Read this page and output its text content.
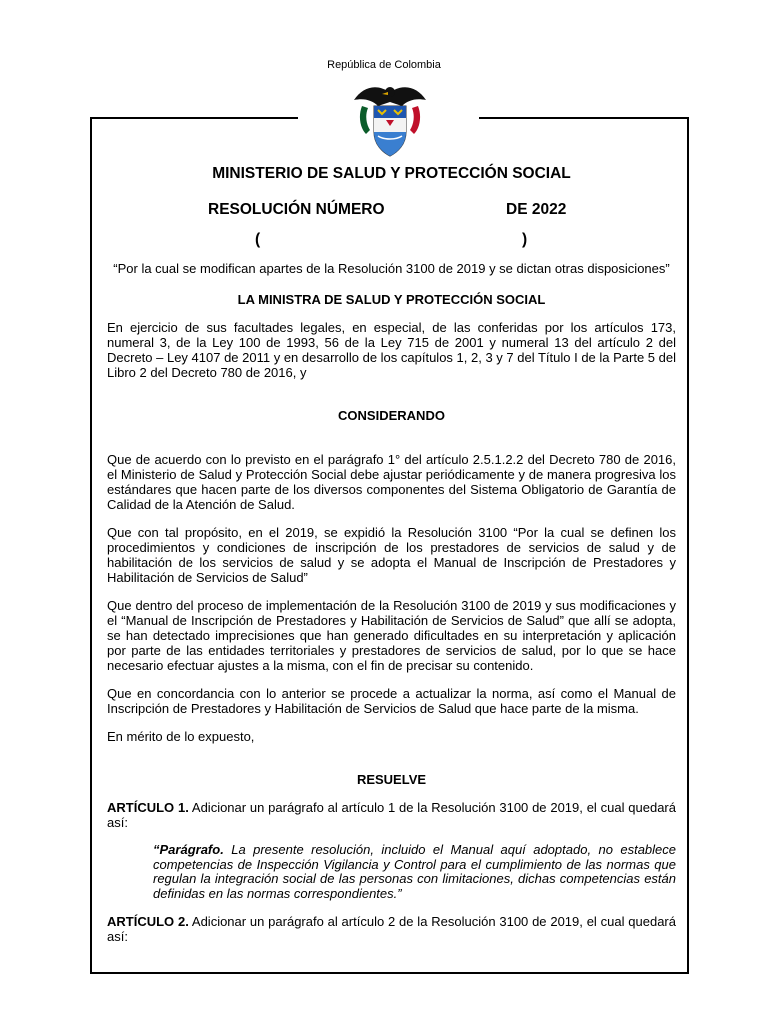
República de Colombia

MINISTERIO DE SALUD Y PROTECCIÓN SOCIAL

RESOLUCIÓN NÚMERO	DE 2022
(	)
“Por la cual se modifican apartes de la Resolución 3100 de 2019 y se dictan otras disposiciones”
LA MINISTRA DE SALUD Y PROTECCIÓN SOCIAL

En ejercicio de sus facultades legales, en especial, de las conferidas por los artículos 173, numeral 3, de la Ley 100 de 1993, 56 de la Ley 715 de 2001 y numeral 13 del artículo 2 del Decreto – Ley 4107 de 2011 y en desarrollo de los capítulos 1, 2, 3 y 7 del Título I de la Parte 5 del Libro 2 del Decreto 780 de 2016, y

CONSIDERANDO

Que de acuerdo con lo previsto en el parágrafo 1° del artículo 2.5.1.2.2 del Decreto 780 de 2016, el Ministerio de Salud y Protección Social debe ajustar periódicamente y de manera progresiva los estándares que hacen parte de los diversos componentes del Sistema Obligatorio de Garantía de Calidad de la Atención de Salud.

Que con tal propósito, en el 2019, se expidió la Resolución 3100 “Por la cual se definen los procedimientos y condiciones de inscripción de los prestadores de servicios de salud y de habilitación de los servicios de salud y se adopta el Manual de Inscripción de Prestadores y Habilitación de Servicios de Salud”

Que dentro del proceso de implementación de la Resolución 3100 de 2019 y sus modificaciones y el “Manual de Inscripción de Prestadores y Habilitación de Servicios de Salud” que allí se adopta, se han detectado imprecisiones que han generado dificultades en su interpretación y aplicación por parte de las entidades territoriales y prestadores de servicios de salud, por lo que se hace necesario efectuar ajustes a la misma, con el fin de precisar su contenido.

Que en concordancia con lo anterior se procede a actualizar la norma, así como el Manual de Inscripción de Prestadores y Habilitación de Servicios de Salud que hace parte de la misma.

En mérito de lo expuesto,

RESUELVE

ARTÍCULO 1. Adicionar un parágrafo al artículo 1 de la Resolución 3100 de 2019, el cual quedará así:

“Parágrafo. La presente resolución, incluido el Manual aquí adoptado, no establece competencias de Inspección Vigilancia y Control para el cumplimiento de las normas que regulan la integración social de las personas con limitaciones, dichas competencias están definidas en las normas correspondientes.”

ARTÍCULO 2. Adicionar un parágrafo al artículo 2 de la Resolución 3100 de 2019, el cual quedará así:
